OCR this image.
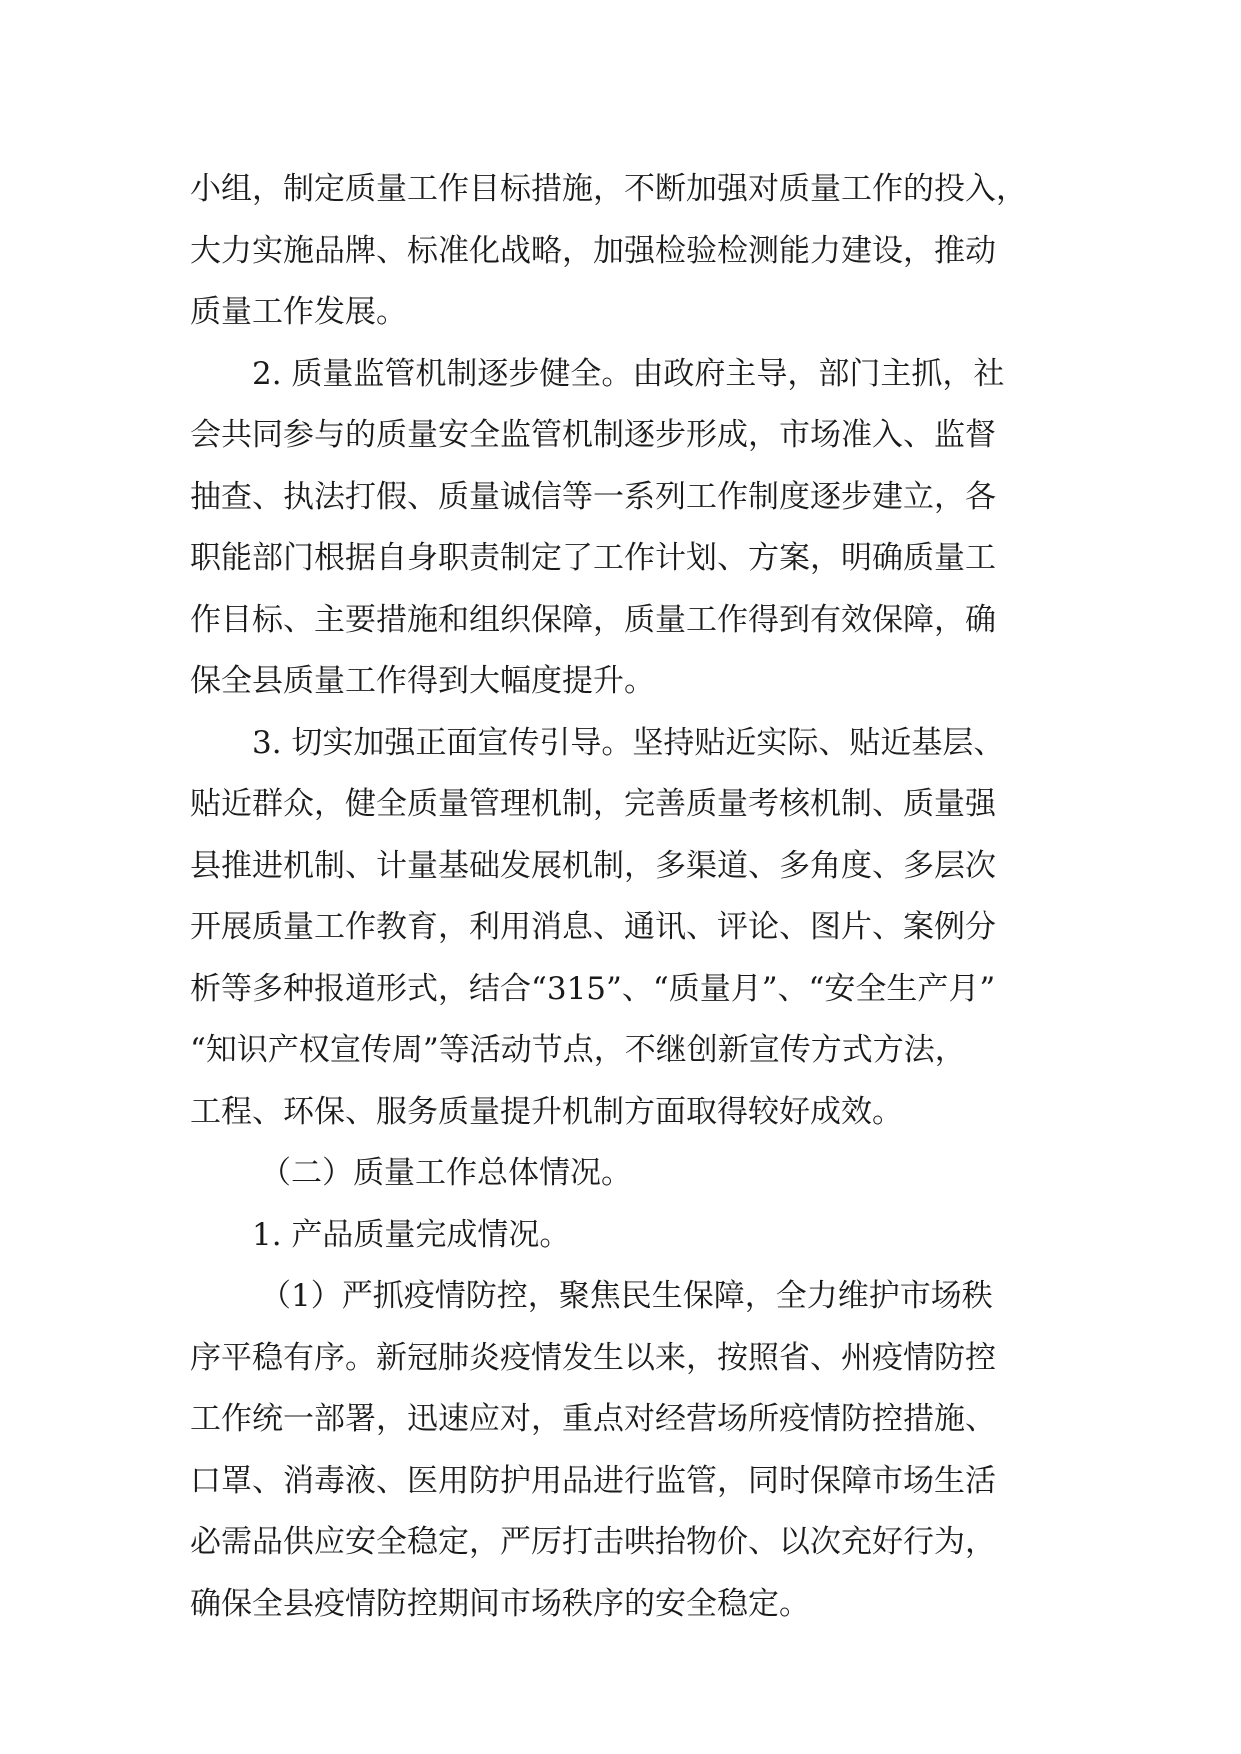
小组，制定质量工作目标措施，不断加强对质量工作的投入，
大力实施品牌、标准化战略，加强检验检测能力建设，推动
质量工作发展。
2. 质量监管机制逐步健全。由政府主导，部门主抓，社
会共同参与的质量安全监管机制逐步形成，市场准入、监督
抽查、执法打假、质量诚信等一系列工作制度逐步建立，各
职能部门根据自身职责制定了工作计划、方案，明确质量工
作目标、主要措施和组织保障，质量工作得到有效保障，确
保全县质量工作得到大幅度提升。
3. 切实加强正面宣传引导。坚持贴近实际、贴近基层、
贴近群众，健全质量管理机制，完善质量考核机制、质量强
县推进机制、计量基础发展机制，多渠道、多角度、多层次
开展质量工作教育，利用消息、通讯、评论、图片、案例分
析等多种报道形式，结合“315”、“质量月”、“安全生产月”
“知识产权宣传周”等活动节点，不继创新宣传方式方法，
工程、环保、服务质量提升机制方面取得较好成效。
（二）质量工作总体情况。
1. 产品质量完成情况。
（1）严抓疫情防控，聚焦民生保障，全力维护市场秩
序平稳有序。新冠肺炎疫情发生以来，按照省、州疫情防控
工作统一部署，迅速应对，重点对经营场所疫情防控措施、
口罩、消毒液、医用防护用品进行监管，同时保障市场生活
必需品供应安全稳定，严厉打击哄抬物价、以次充好行为，
确保全县疫情防控期间市场秩序的安全稳定。
